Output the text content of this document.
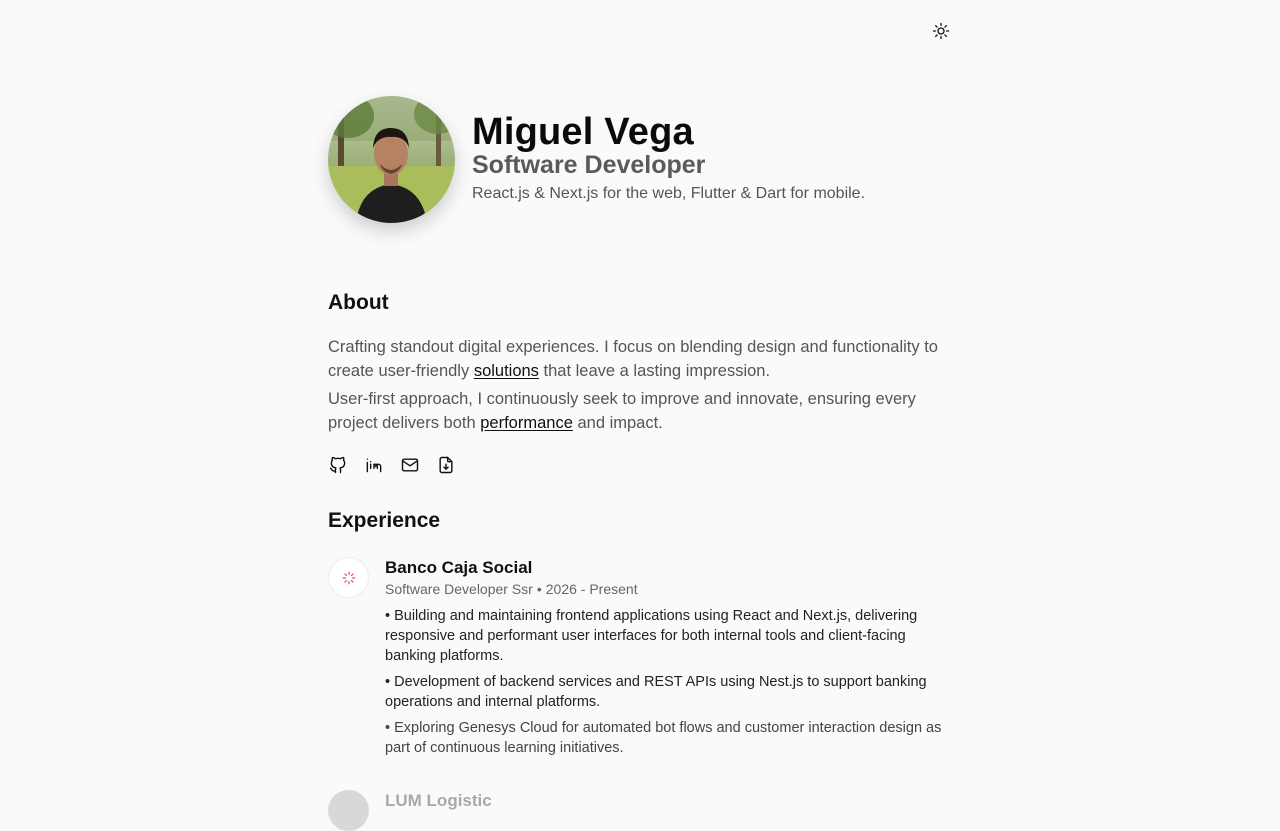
Miguel Vega
Software Developer
React.js & Next.js for the web, Flutter & Dart for mobile.
About

Crafting standout digital experiences. I focus on blending design and functionality to create user-friendly solutions that leave a lasting impression.

User-first approach, I continuously seek to improve and innovate, ensuring every project delivers both performance and impact.

Experience
Banco Caja Social
Software Developer Ssr • 2026 - Present
• Building and maintaining frontend applications using React and Next.js, delivering responsive and performant user interfaces for both internal tools and client-facing banking platforms.
• Development of backend services and REST APIs using Nest.js to support banking operations and internal platforms.
• Exploring Genesys Cloud for automated bot flows and customer interaction design as part of continuous learning initiatives.
LUM Logistic
